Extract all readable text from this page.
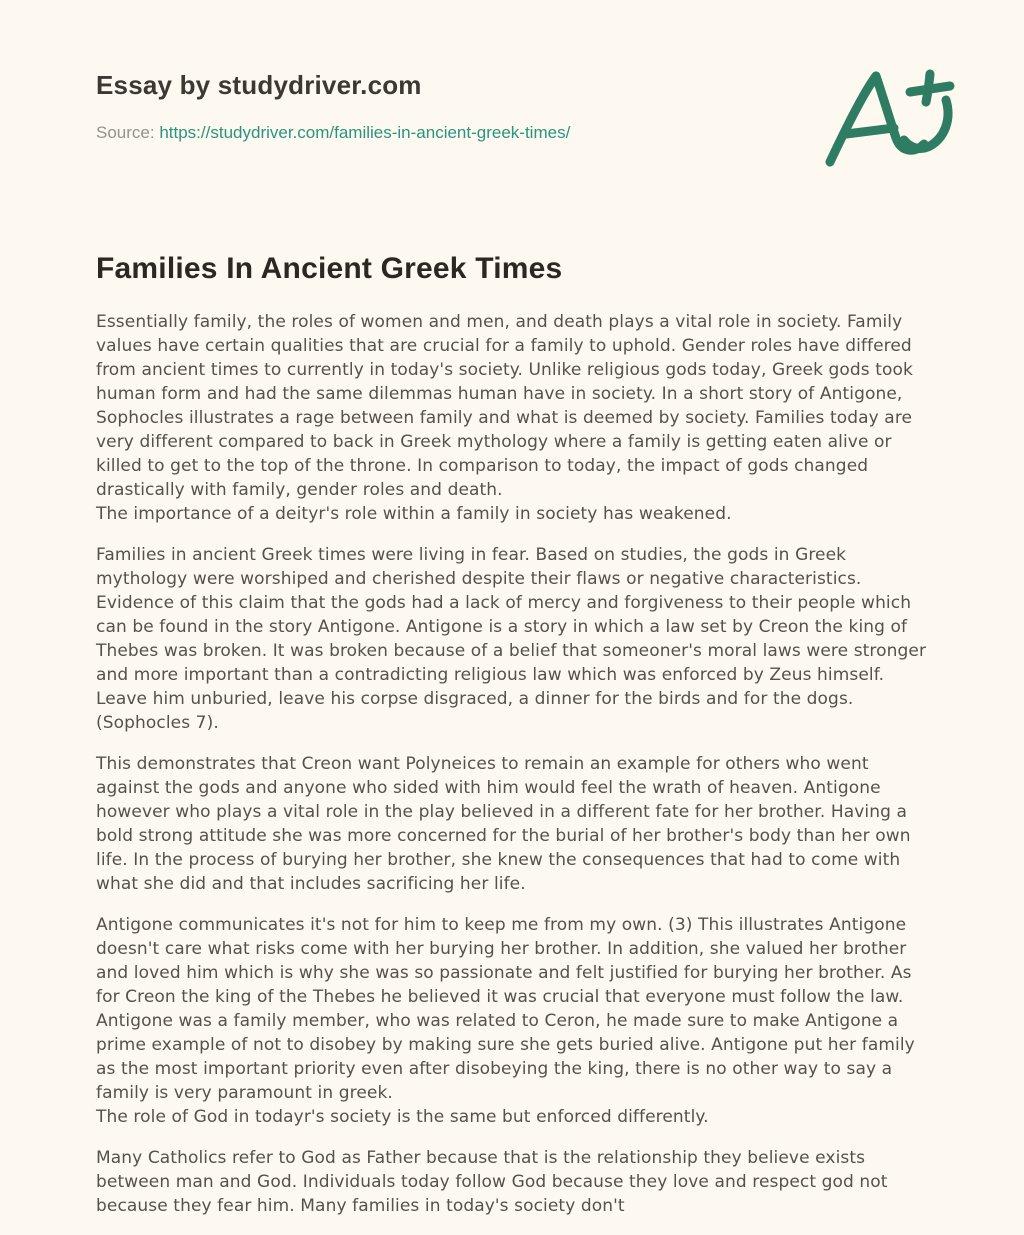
Essay by studydriver.com
Source: https://studydriver.com/families-in-ancient-greek-times/
Families In Ancient Greek Times

Essentially family, the roles of women and men, and death plays a vital role in society. Family values have certain qualities that are crucial for a family to uphold. Gender roles have differed from ancient times to currently in today's society. Unlike religious gods today, Greek gods took human form and had the same dilemmas human have in society. In a short story of Antigone, Sophocles illustrates a rage between family and what is deemed by society. Families today are very different compared to back in Greek mythology where a family is getting eaten alive or killed to get to the top of the throne. In comparison to today, the impact of gods changed drastically with family, gender roles and death.
The importance of a deityr's role within a family in society has weakened.

Families in ancient Greek times were living in fear. Based on studies, the gods in Greek mythology were worshiped and cherished despite their flaws or negative characteristics. Evidence of this claim that the gods had a lack of mercy and forgiveness to their people which can be found in the story Antigone. Antigone is a story in which a law set by Creon the king of Thebes was broken. It was broken because of a belief that someoner's moral laws were stronger and more important than a contradicting religious law which was enforced by Zeus himself. Leave him unburied, leave his corpse disgraced, a dinner for the birds and for the dogs. (Sophocles 7).

This demonstrates that Creon want Polyneices to remain an example for others who went against the gods and anyone who sided with him would feel the wrath of heaven. Antigone however who plays a vital role in the play believed in a different fate for her brother. Having a bold strong attitude she was more concerned for the burial of her brother's body than her own life. In the process of burying her brother, she knew the consequences that had to come with what she did and that includes sacrificing her life.

Antigone communicates it's not for him to keep me from my own. (3) This illustrates Antigone doesn't care what risks come with her burying her brother. In addition, she valued her brother and loved him which is why she was so passionate and felt justified for burying her brother. As for Creon the king of the Thebes he believed it was crucial that everyone must follow the law. Antigone was a family member, who was related to Ceron, he made sure to make Antigone a prime example of not to disobey by making sure she gets buried alive. Antigone put her family as the most important priority even after disobeying the king, there is no other way to say a family is very paramount in greek.
The role of God in todayr's society is the same but enforced differently.

Many Catholics refer to God as Father because that is the relationship they believe exists between man and God. Individuals today follow God because they love and respect god not because they fear him. Many families in today's society don't
